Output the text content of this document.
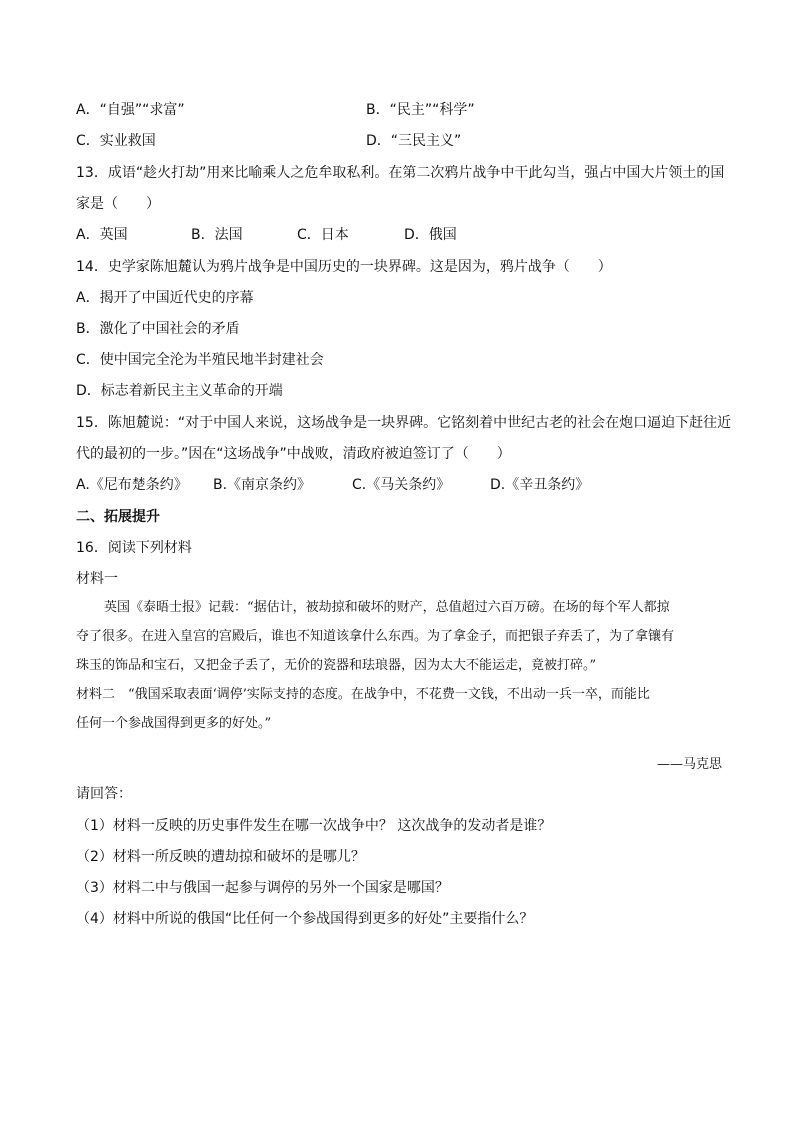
A．“自强”“求富”	B．“民主”“科学”
C．实业救国	D．“三民主义”
13．成语“趁火打劫”用来比喻乘人之危牟取私利。在第二次鸦片战争中干此勾当，强占中国大片领土的国
家是（　　）
A．英国	B．法国	C．日本	D．俄国
14．史学家陈旭麓认为鸦片战争是中国历史的一块界碑。这是因为，鸦片战争（　　）
A．揭开了中国近代史的序幕
B．激化了中国社会的矛盾
C．使中国完全沦为半殖民地半封建社会
D．标志着新民主主义革命的开端
15．陈旭麓说：“对于中国人来说，这场战争是一块界碑。它铭刻着中世纪古老的社会在炮口逼迫下赶往近
代的最初的一步。”因在“这场战争”中战败，清政府被迫签订了（　　）
A.《尼布楚条约》 B.《南京条约》	C.《马关条约》	D.《辛丑条约》
二、拓展提升
16．阅读下列材料
材料一
英国《泰晤士报》记载：“据估计，被劫掠和破坏的财产，总值超过六百万磅。在场的每个军人都掠
夺了很多。在进入皇宫的宫殿后，谁也不知道该拿什么东西。为了拿金子，而把银子弃丢了，为了拿镶有
珠玉的饰品和宝石，又把金子丢了，无价的瓷器和珐琅器，因为太大不能运走，竟被打碎。”
材料二　“俄国采取表面‘调停’实际支持的态度。在战争中，不花费一文钱，不出动一兵一卒，而能比
任何一个参战国得到更多的好处。”
——马克思
请回答：
（1）材料一反映的历史事件发生在哪一次战争中？ 这次战争的发动者是谁？
（2）材料一所反映的遭劫掠和破坏的是哪儿？
（3）材料二中与俄国一起参与调停的另外一个国家是哪国？
（4）材料中所说的俄国“比任何一个参战国得到更多的好处”主要指什么？
